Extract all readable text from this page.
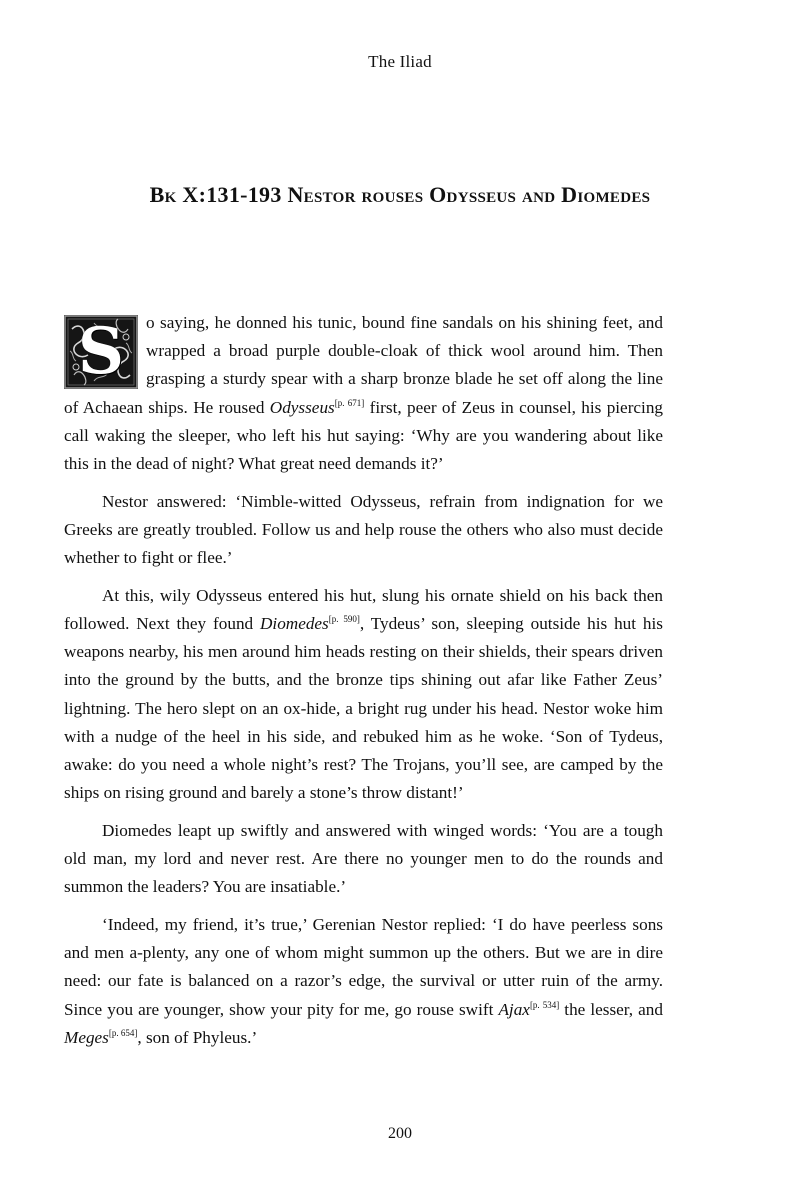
The Iliad
Bk X:131-193 Nestor rouses Odysseus and Diomedes

S	o saying, he donned his tunic, bound fine sandals on his shining feet, and wrapped a broad purple double-cloak of thick wool around him. Then grasping a sturdy spear with a sharp bronze blade he set off along the line of Achaean ships. He roused Odysseus[p. 671] first, peer of Zeus in counsel, his piercing call waking the sleeper, who left his hut saying: ‘Why are you wandering about like this in the dead of night? What great need demands it?’

Nestor answered: ‘Nimble-witted Odysseus, refrain from indignation for we Greeks are greatly troubled. Follow us and help rouse the others who also must decide whether to fight or flee.’

At this, wily Odysseus entered his hut, slung his ornate shield on his back then followed. Next they found Diomedes[p. 590], Tydeus’ son, sleeping outside his hut his weapons nearby, his men around him heads resting on their shields, their spears driven into the ground by the butts, and the bronze tips shining out afar like Father Zeus’ lightning. The hero slept on an ox-hide, a bright rug under his head. Nestor woke him with a nudge of the heel in his side, and rebuked him as he woke. ‘Son of Tydeus, awake: do you need a whole night’s rest? The Trojans, you’ll see, are camped by the ships on rising ground and barely a stone’s throw distant!’

Diomedes leapt up swiftly and answered with winged words: ‘You are a tough old man, my lord and never rest. Are there no younger men to do the rounds and summon the leaders? You are insatiable.’

‘Indeed, my friend, it’s true,’ Gerenian Nestor replied: ‘I do have peerless sons and men a-plenty, any one of whom might summon up the others. But we are in dire need: our fate is balanced on a razor’s edge, the survival or utter ruin of the army. Since you are younger, show your pity for me, go rouse swift Ajax[p. 534] the lesser, and Meges[p. 654], son of Phyleus.’

200
